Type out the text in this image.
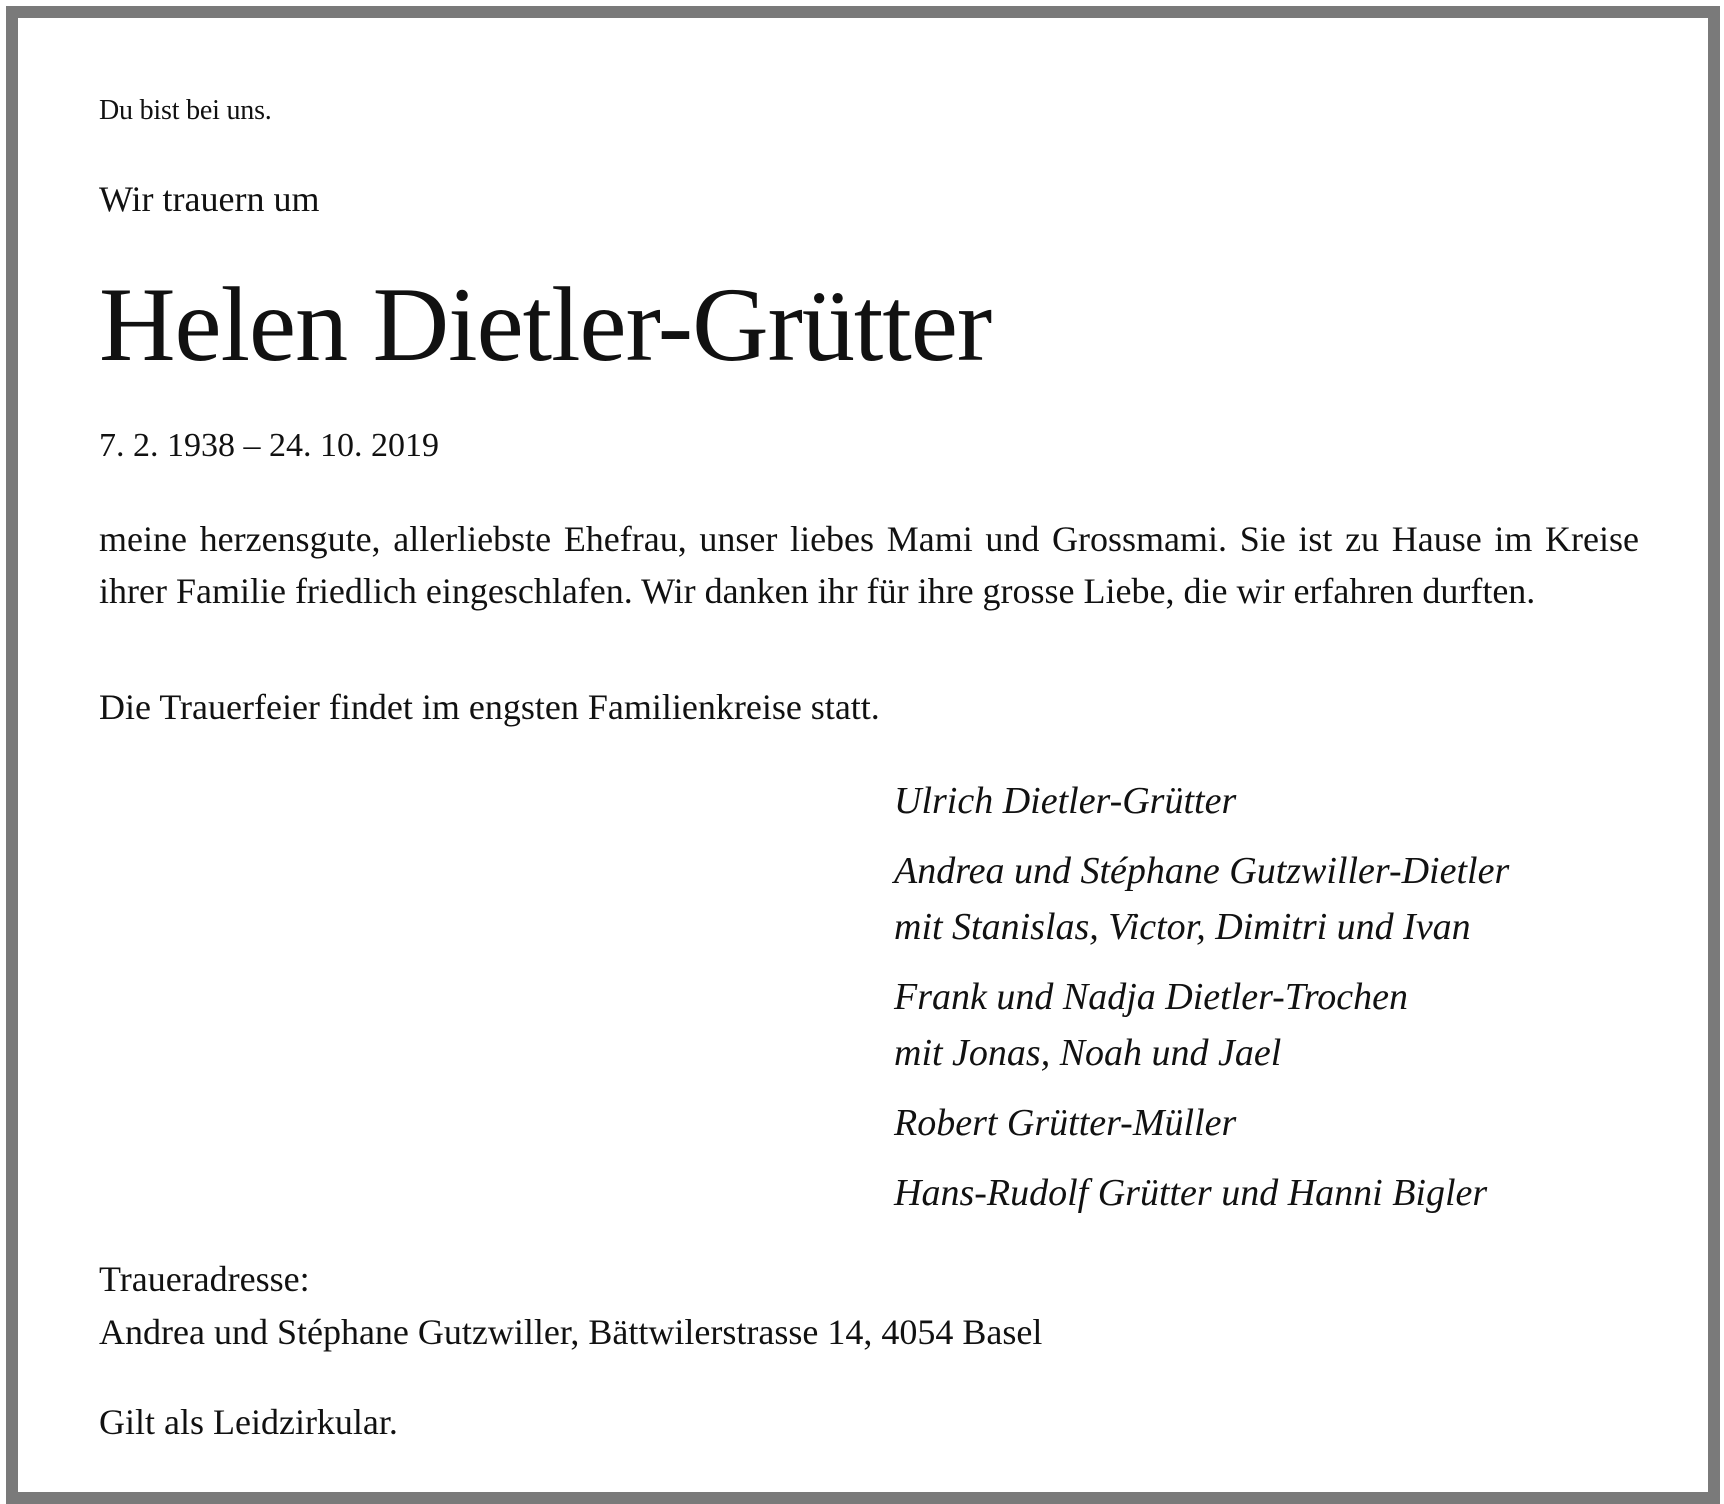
Du bist bei uns.
Wir trauern um
Helen Dietler-Grütter
7. 2. 1938 – 24. 10. 2019

meine herzensgute, allerliebste Ehefrau, unser liebes Mami und Grossmami. Sie ist zu Hause im Kreise ihrer Familie friedlich eingeschlafen. Wir danken ihr für ihre grosse Liebe, die wir erfahren durften.

Die Trauerfeier findet im engsten Familienkreise statt.
Ulrich Dietler-Grütter
Andrea und Stéphane Gutzwiller-Dietler
mit Stanislas, Victor, Dimitri und Ivan
Frank und Nadja Dietler-Trochen
mit Jonas, Noah und Jael
Robert Grütter-Müller
Hans-Rudolf Grütter und Hanni Bigler
Traueradresse:
Andrea und Stéphane Gutzwiller, Bättwilerstrasse 14, 4054 Basel
Gilt als Leidzirkular.
